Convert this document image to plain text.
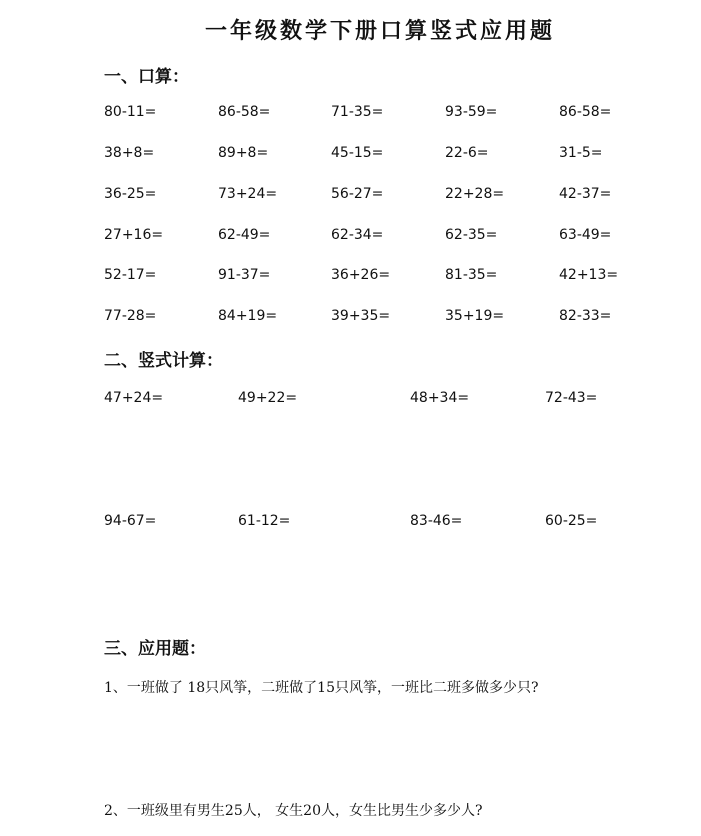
一年级数学下册口算竖式应用题
一、口算：
80-11=	86-58=	71-35=	93-59=	86-58=
38+8=	89+8=	45-15=	22-6=	31-5=
36-25=	73+24=	56-27=	22+28=	42-37=
27+16=	62-49=	62-34=	62-35=	63-49=
52-17=	91-37=	36+26=	81-35=	42+13=
77-28=	84+19=	39+35=	35+19=	82-33=
二、竖式计算：
47+24=	49+22=	48+34=	72-43=
94-67=	61-12=	83-46=	60-25=
三、应用题：
1、一班做了 18只风筝，二班做了15只风筝，一班比二班多做多少只?
2、一班级里有男生25人， 女生20人，女生比男生少多少人?
